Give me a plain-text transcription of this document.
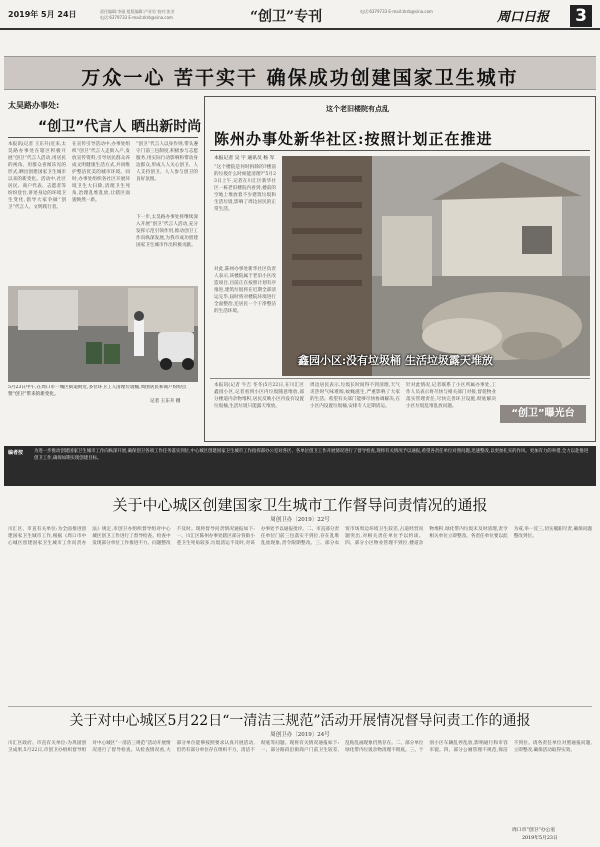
2019年 5月 24日	责任编辑:李丽 组版编辑:卢亚男 校对:张芳
电话:6379733 E-mail:zkrb@sina.com	“创卫”专刊	电话:6379733 E-mail:zkrb@sina.com	周口日报 3
万众一心 苦干实干 确保成功创建国家卫生城市
太昊路办事处:
“创卫”代言人 晒出新时尚
本报讯(记者 王东升)近来,太昊路办事处在辖区积极开展“创卫”代言人活动,用居民的视角、用群众喜闻乐见的形式,晒出创建国家卫生城市以来的新变化。活动中,社区居民、商户代表、志愿者等纷纷登台,讲述身边的环境卫生变化,倡导大家争做“创卫”代言人、文明践行者。
在宣传引导活动中,办事处组织“创卫”代言人走街入户,发放宣传资料,引导居民群众养成文明健康生活方式,共同维护整洁优美的城市环境。同时,办事处组织各社区开展环境卫生大扫除,清理卫生死角,治理乱堆乱放,让辖区面貌焕然一新。
“创卫”代言人以身作则,带头遵守门前三包制度,积极参与志愿服务,用实际行动影响和带动身边群众,形成人人关心创卫、人人支持创卫、人人参与创卫的良好氛围。
下一步,太昊路办事处将继续深入开展“创卫”代言人活动,充分发挥示范引领作用,推动创卫工作向纵深发展,为我市成功创建国家卫生城市作出积极贡献。
5月23日中午,在周口市一城区街道附近,多位环卫工人清理垃圾桶,周围居民和商户纷纷点赞“创卫”带来的新变化。
记者 王东升 摄
这个老旧楼院有点乱
陈州办事处新华社区:按照计划正在推进
本报记者 吴 宇 通讯员 杨 军
“这个楼院是何时拆除的?楼前的垃圾什么时候能清理?”5月23日上午,记者在川汇区新华社区一栋老旧楼院内看到,楼前的空地上堆放着不少建筑垃圾和生活垃圾,影响了周边居民的正常生活。
对此,陈州办事处新华社区负责人表示,该楼院属于老旧小区改造项目,目前正在按照计划有序推进,建筑垃圾将在近期全部清运完毕,届时将对楼院环境进行全面整治,还居民一个干净整洁的生活环境。
鑫园小区:没有垃圾桶 生活垃圾露天堆放
本报讯(记者 牛吉 冬冬)5月22日,在川汇区鑫园小区,记者看到小区内垃圾随意堆放,部分楼道内杂物堆积,居民反映小区内没有设置垃圾桶,生活垃圾只能露天堆放。
周边居民表示,垃圾长时间得不到清理,天气炎热时气味难闻,蚊蝇滋生,严重影响了大家的生活。希望有关部门能够尽快协调解决,在小区内设置垃圾桶,安排专人定期清运。
针对此情况,记者联系了小区所属办事处,工作人员表示将尽快与相关部门对接,督促物业落实管理责任,尽快完善环卫设施,彻底解决小区垃圾乱堆乱放问题。
“创卫”曝光台
为进一步推动创建国家卫生城市工作向纵深开展,确保创卫各项工作任务落实到位,中心城区创建国家卫生城市工作指挥部办公室对各区、各单位创卫工作开展情况进行了督导检查,现将有关情况予以通报,希望各责任单位对照问题,迅速整改,以更加扎实的作风、更加有力的举措,全力以赴推进创卫工作,确保如期实现创建目标。
编者按
关于中心城区创建国家卫生城市工作督导问责情况的通报
周创卫办〔2019〕22号
川汇区、市直有关单位:为全面推进创建国家卫生城市工作,根据《周口市中心城区创建国家卫生城市工作问责办法》规定,市创卫办组织督导组对中心城区创卫工作进行了督导检查。检查中发现部分单位工作推进不力、问题整改不及时。现将督导问责情况通报如下:一、川汇区陈州办事处辖区部分背街小巷卫生死角较多,垃圾清运不及时,对该办事处予以通报批评。二、市直部分责任单位门前三包落实不到位,存在乱堆乱放现象,责令限期整改。三、部分农贸市场周边环境卫生较差,占道经营问题突出,对相关责任单位予以约谈。四、部分小区物业管理不到位,楼道杂物堆积,绿化带内垃圾未及时清理,责令相关单位立即整改。各责任单位要以此为戒,举一反三,切实履职尽责,确保问题整改到位。
关于对中心城区5月22日“一清洁三规范”活动开展情况督导问责工作的通报
周创卫办〔2019〕24号
川汇区政府、市直有关单位:为巩固创卫成果,5月22日,市创卫办组织督导组对中心城区“一清洁三规范”活动开展情况进行了督导检查。从检查情况看,大部分单位能够按照要求认真开展活动,但仍有部分单位存在组织不力、清洁不彻底等问题。现将有关情况通报如下:一、部分路段沿街商户门前卫生较差,乱贴乱画现象仍然存在。二、部分单位绿化带内垃圾杂物清理不彻底。三、个别小区车辆乱停乱放,影响通行和市容市貌。四、部分公厕管理不规范,保洁不到位。请各责任单位对照通报问题,立即整改,确保活动取得实效。
周口市“创卫”办公室
2019年5月23日
